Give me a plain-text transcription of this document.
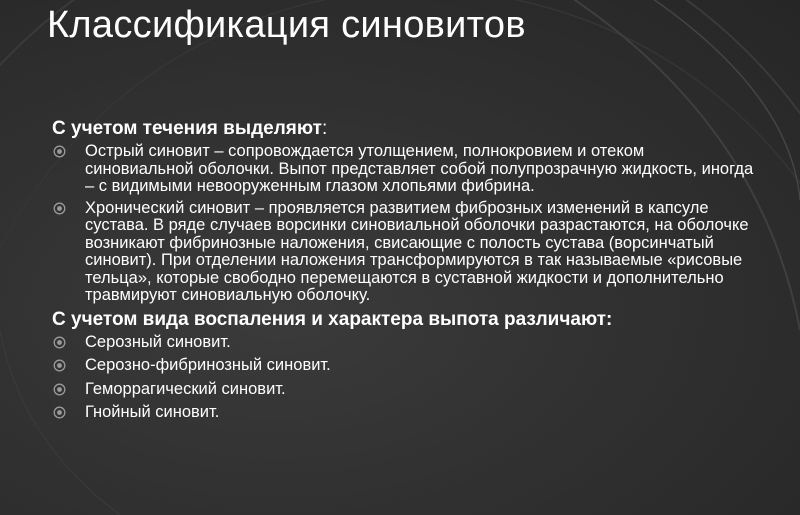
Классификация синовитов
С учетом течения выделяют:
Острый синовит – сопровождается утолщением, полнокровием и отеком синовиальной оболочки. Выпот представляет собой полупрозрачную жидкость, иногда – с видимыми невооруженным глазом хлопьями фибрина.
Хронический синовит – проявляется развитием фиброзных изменений в капсуле сустава. В ряде случаев ворсинки синовиальной оболочки разрастаются, на оболочке возникают фибринозные наложения, свисающие с полость сустава (ворсинчатый синовит). При отделении наложения трансформируются в так называемые «рисовые тельца», которые свободно перемещаются в суставной жидкости и дополнительно травмируют синовиальную оболочку.
С учетом вида воспаления и характера выпота различают:
Серозный синовит.
Серозно-фибринозный синовит.
Геморрагический синовит.
Гнойный синовит.
